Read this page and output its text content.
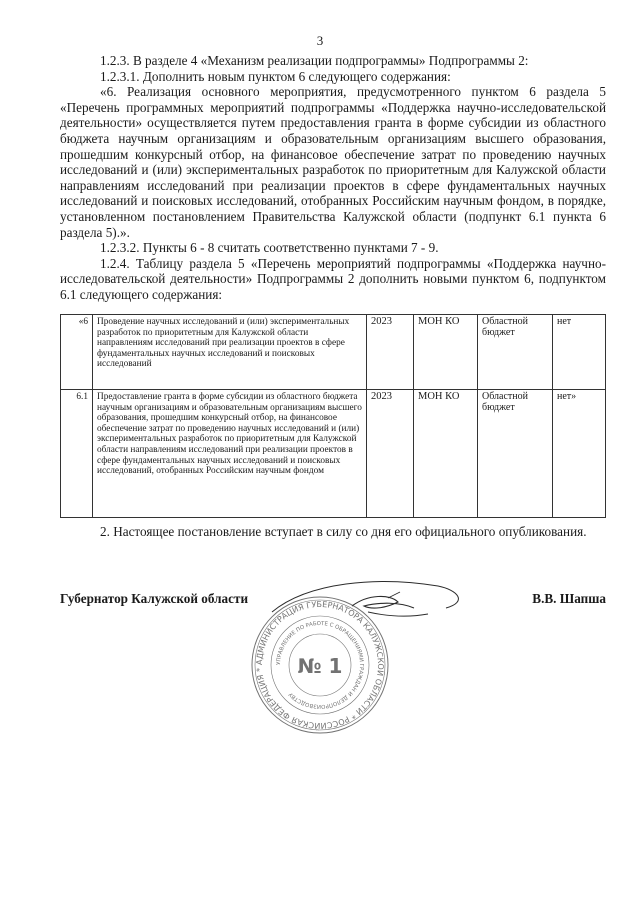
3

1.2.3. В разделе 4 «Механизм реализации подпрограммы» Подпрограммы 2:

1.2.3.1. Дополнить новым пунктом 6 следующего содержания:

«6. Реализация основного мероприятия, предусмотренного пунктом 6 раздела 5 «Перечень программных мероприятий подпрограммы «Поддержка научно-исследовательской деятельности» осуществляется путем предоставления гранта в форме субсидии из областного бюджета научным организациям и образовательным организациям высшего образования, прошедшим конкурсный отбор, на финансовое обеспечение затрат по проведению научных исследований и (или) экспериментальных разработок по приоритетным для Калужской области направлениям исследований при реализации проектов в сфере фундаментальных научных исследований и поисковых исследований, отобранных Российским научным фондом, в порядке, установленном постановлением Правительства Калужской области (подпункт 6.1 пункта 6 раздела 5).».

1.2.3.2. Пункты 6 - 8 считать соответственно пунктами 7 - 9.

1.2.4. Таблицу раздела 5 «Перечень мероприятий подпрограммы «Поддержка научно-исследовательской деятельности» Подпрограммы 2 дополнить новыми пунктом 6, подпунктом 6.1 следующего содержания:

«6	Проведение научных исследований и (или) экспериментальных разработок по приоритетным для Калужской области направлениям исследований при реализации проектов в сфере фундаментальных научных исследований и поисковых исследований	2023	МОН КО	Областной бюджет	нет
6.1	Предоставление гранта в форме субсидии из областного бюджета научным организациям и образовательным организациям высшего образования, прошедшим конкурсный отбор, на финансовое обеспечение затрат по проведению научных исследований и (или) экспериментальных разработок по приоритетным для Калужской области направлениям исследований при реализации проектов в сфере фундаментальных научных исследований и поисковых исследований, отобранных Российским научным фондом	2023	МОН КО	Областной бюджет	нет»

2. Настоящее постановление вступает в силу со дня его официального опубликования.

Губернатор Калужской области	В.В. Шапша
АДМИНИСТРАЦИЯ ГУБЕРНАТОРА КАЛУЖСКОЙ ОБЛАСТИ * РОССИЙСКАЯ ФЕДЕРАЦИЯ *
УПРАВЛЕНИЕ ПО РАБОТЕ С ОБРАЩЕНИЯМИ ГРАЖДАН И ДЕЛОПРОИЗВОДСТВУ
№ 1
